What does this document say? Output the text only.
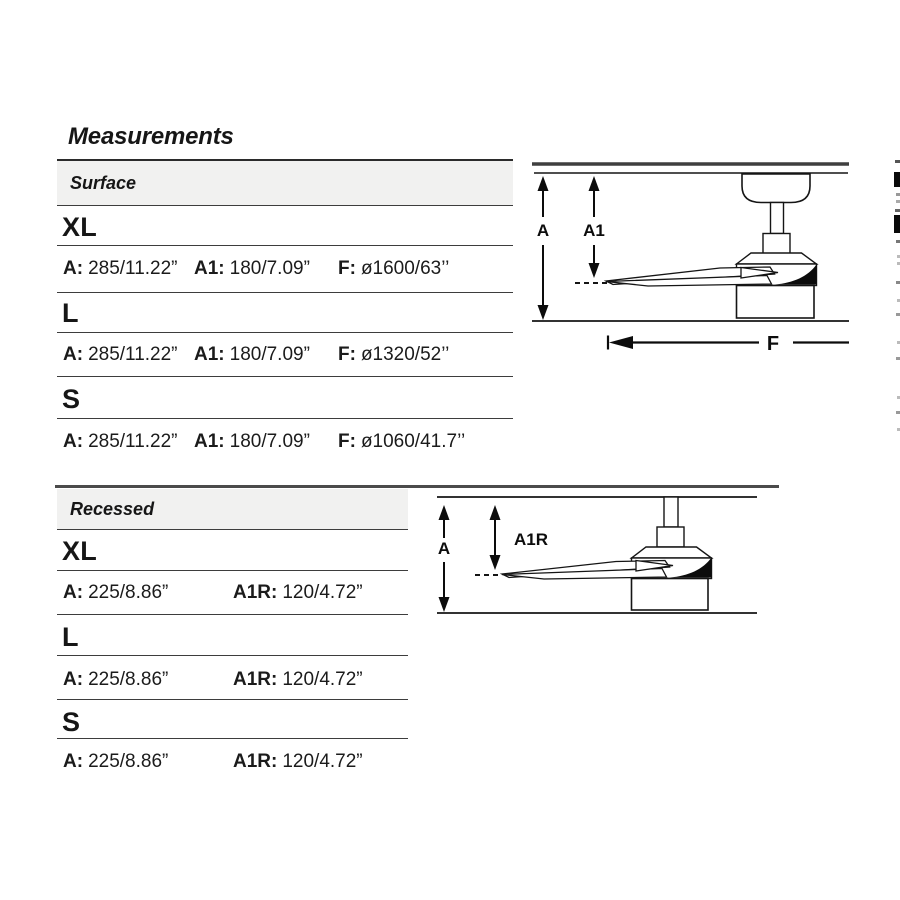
Measurements
Surface
XL
A: 285/11.22” A1: 180/7.09” F: ø1600/63’’
L
A: 285/11.22” A1: 180/7.09” F: ø1320/52’’
S
A: 285/11.22” A1: 180/7.09” F: ø1060/41.7’’
A A1
F
Recessed
XL
A: 225/8.86”	A1R: 120/4.72”
L
A: 225/8.86”	A1R: 120/4.72”
S
A: 225/8.86”	A1R: 120/4.72”
A	A1R
